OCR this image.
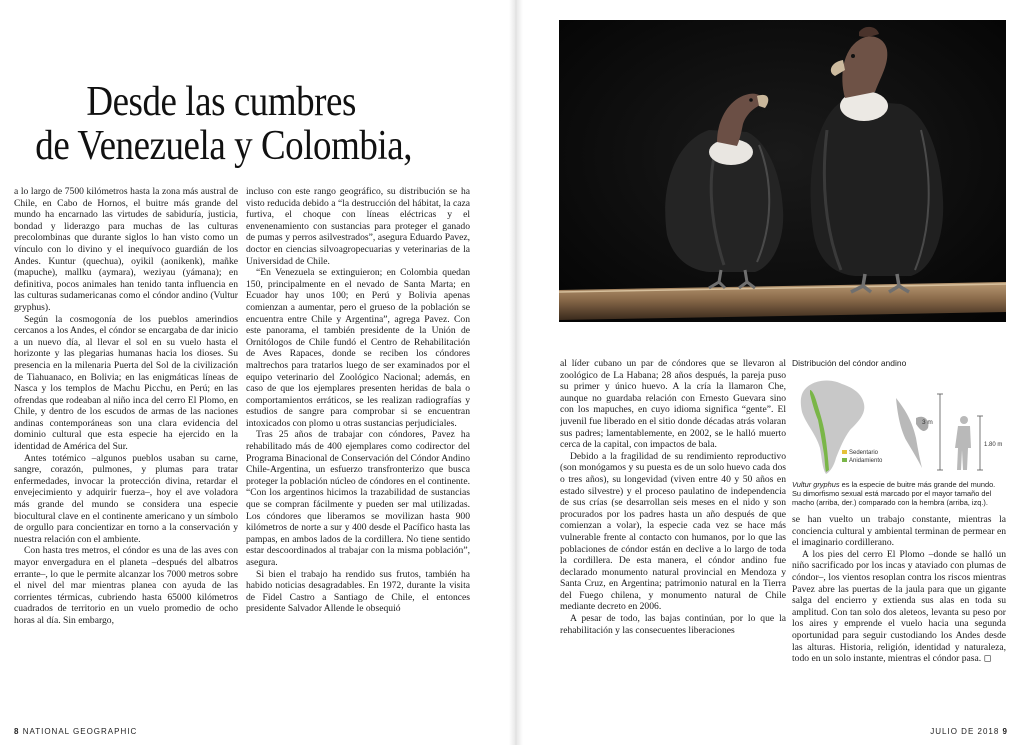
Desde las cumbres
de Venezuela y Colombia,

a lo largo de 7500 kilómetros hasta la zona más austral de Chile, en Cabo de Hornos, el buitre más grande del mundo ha encarnado las virtudes de sabiduría, justicia, bondad y liderazgo para muchas de las culturas precolombinas que durante siglos lo han visto como un vínculo con lo divino y el inequívoco guardián de los Andes. Kuntur (quechua), oyikil (aonikenk), mañke (mapuche), mallku (aymara), weziyau (yámana); en definitiva, pocos animales han tenido tanta influencia en las culturas sudamericanas como el cóndor andino (Vultur gryphus).

Según la cosmogonía de los pueblos amerindios cercanos a los Andes, el cóndor se encargaba de dar inicio a un nuevo día, al llevar el sol en su vuelo hasta el horizonte y las plegarias humanas hacia los dioses. Su presencia en la milenaria Puerta del Sol de la civilización de Tiahuanaco, en Bolivia; en las enigmáticas líneas de Nasca y los templos de Machu Picchu, en Perú; en las ofrendas que rodeaban al niño inca del cerro El Plomo, en Chile, y dentro de los escudos de armas de las naciones andinas contemporáneas son una clara evidencia del dominio cultural que esta especie ha ejercido en la identidad de América del Sur.

Antes totémico –algunos pueblos usaban su carne, sangre, corazón, pulmones, y plumas para tratar enfermedades, invocar la protección divina, retardar el envejecimiento y adquirir fuerza–, hoy el ave voladora más grande del mundo se considera una especie biocultural clave en el continente americano y un símbolo de orgullo para concientizar en torno a la conservación y nuestra relación con el ambiente.

Con hasta tres metros, el cóndor es una de las aves con mayor envergadura en el planeta –después del albatros errante–, lo que le permite alcanzar los 7000 metros sobre el nivel del mar mientras planea con ayuda de las corrientes térmicas, cubriendo hasta 65000 kilómetros cuadrados de territorio en un vuelo promedio de ocho horas al día. Sin embargo,

incluso con este rango geográfico, su distribución se ha visto reducida debido a “la destrucción del hábitat, la caza furtiva, el choque con líneas eléctricas y el envenenamiento con sustancias para proteger el ganado de pumas y perros asilvestrados”, asegura Eduardo Pavez, doctor en ciencias silvoagropecuarias y veterinarias de la Universidad de Chile.

“En Venezuela se extinguieron; en Colombia quedan 150, principalmente en el nevado de Santa Marta; en Ecuador hay unos 100; en Perú y Bolivia apenas comienzan a aumentar, pero el grueso de la población se encuentra entre Chile y Argentina”, agrega Pavez. Con este panorama, el también presidente de la Unión de Ornitólogos de Chile fundó el Centro de Rehabilitación de Aves Rapaces, donde se reciben los cóndores maltrechos para tratarlos luego de ser examinados por el equipo veterinario del Zoológico Nacional; además, en caso de que los ejemplares presenten heridas de bala o comportamientos erráticos, se les realizan radiografías y estudios de sangre para comprobar si se encuentran intoxicados con plomo u otras sustancias perjudiciales.

Tras 25 años de trabajar con cóndores, Pavez ha rehabilitado más de 400 ejemplares como codirector del Programa Binacional de Conservación del Cóndor Andino Chile-Argentina, un esfuerzo transfronterizo que busca proteger la población núcleo de cóndores en el continente. “Con los argentinos hicimos la trazabilidad de sustancias que se compran fácilmente y pueden ser mal utilizadas. Los cóndores que liberamos se movilizan hasta 900 kilómetros de norte a sur y 400 desde el Pacífico hasta las pampas, en ambos lados de la cordillera. No tiene sentido estar descoordinados al trabajar con la misma población”, asegura.

Si bien el trabajo ha rendido sus frutos, también ha habido noticias desagradables. En 1972, durante la visita de Fidel Castro a Santiago de Chile, el entonces presidente Salvador Allende le obsequió

al líder cubano un par de cóndores que se llevaron al zoológico de La Habana; 28 años después, la pareja puso su primer y único huevo. A la cría la llamaron Che, aunque no guardaba relación con Ernesto Guevara sino con los mapuches, en cuyo idioma significa “gente”. El juvenil fue liberado en el sitio donde décadas atrás volaran sus padres; lamentablemente, en 2002, se le halló muerto cerca de la capital, con impactos de bala.

Debido a la fragilidad de su rendimiento reproductivo (son monógamos y su puesta es de un solo huevo cada dos o tres años), su longevidad (viven entre 40 y 50 años en estado silvestre) y el proceso paulatino de independencia de sus crías (se desarrollan seis meses en el nido y son procurados por los padres hasta un año después de que comienzan a volar), la especie cada vez se hace más vulnerable frente al contacto con humanos, por lo que las poblaciones de cóndor están en declive a lo largo de toda la cordillera. De esta manera, el cóndor andino fue declarado monumento natural provincial en Mendoza y Santa Cruz, en Argentina; patrimonio natural en la Tierra del Fuego chilena, y monumento natural de Chile mediante decreto en 2006.

A pesar de todo, las bajas continúan, por lo que la rehabilitación y las consecuentes liberaciones

Distribución del cóndor andino
3 m
1.80 m
Sedentario
Anidamiento
Vultur gryphus es la especie de buitre más grande del mundo. Su dimorfismo sexual está marcado por el mayor tamaño del macho (arriba, der.) comparado con la hembra (arriba, izq.).

se han vuelto un trabajo constante, mientras la conciencia cultural y ambiental terminan de permear en el imaginario cordillerano.

A los pies del cerro El Plomo –donde se halló un niño sacrificado por los incas y ataviado con plumas de cóndor–, los vientos resoplan contra los riscos mientras Pavez abre las puertas de la jaula para que un gigante salga del encierro y extienda sus alas en toda su amplitud. Con tan solo dos aleteos, levanta su peso por los aires y emprende el vuelo hacia una segunda oportunidad para seguir custodiando los Andes desde las alturas. Historia, religión, identidad y naturaleza, todo en un solo instante, mientras el cóndor pasa. ◻

8 NATIONAL GEOGRAPHIC	JULIO DE 2018 9
